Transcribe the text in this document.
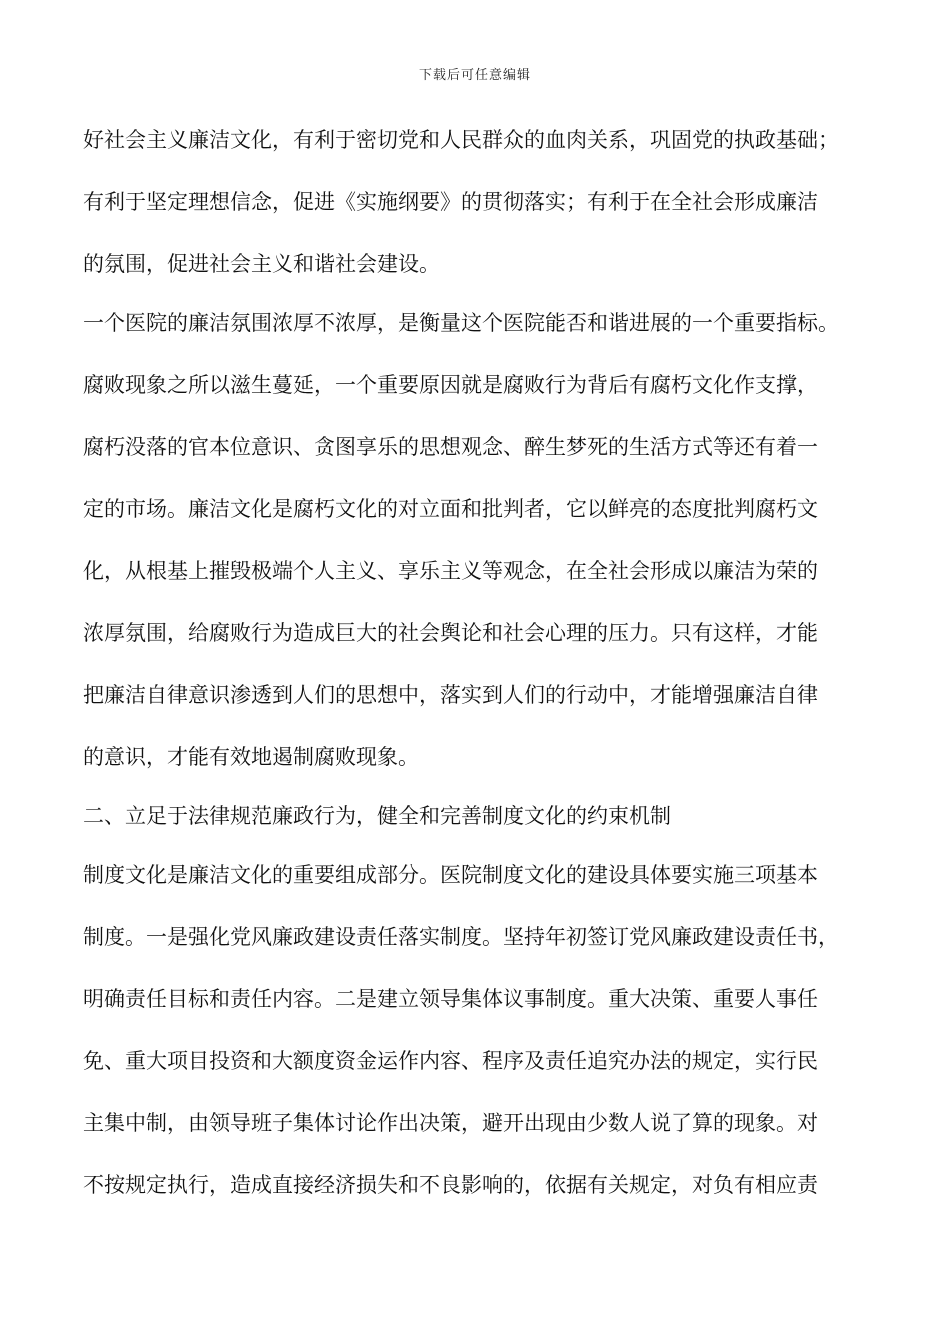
下载后可任意编辑
好社会主义廉洁文化，有利于密切党和人民群众的血肉关系，巩固党的执政基础；
有利于坚定理想信念，促进《实施纲要》的贯彻落实；有利于在全社会形成廉洁
的氛围，促进社会主义和谐社会建设。
一个医院的廉洁氛围浓厚不浓厚，是衡量这个医院能否和谐进展的一个重要指标。
腐败现象之所以滋生蔓延，一个重要原因就是腐败行为背后有腐朽文化作支撑，
腐朽没落的官本位意识、贪图享乐的思想观念、醉生梦死的生活方式等还有着一
定的市场。廉洁文化是腐朽文化的对立面和批判者，它以鲜亮的态度批判腐朽文
化，从根基上摧毁极端个人主义、享乐主义等观念，在全社会形成以廉洁为荣的
浓厚氛围，给腐败行为造成巨大的社会舆论和社会心理的压力。只有这样，才能
把廉洁自律意识渗透到人们的思想中，落实到人们的行动中，才能增强廉洁自律
的意识，才能有效地遏制腐败现象。
二、立足于法律规范廉政行为，健全和完善制度文化的约束机制
制度文化是廉洁文化的重要组成部分。医院制度文化的建设具体要实施三项基本
制度。一是强化党风廉政建设责任落实制度。坚持年初签订党风廉政建设责任书，
明确责任目标和责任内容。二是建立领导集体议事制度。重大决策、重要人事任
免、重大项目投资和大额度资金运作内容、程序及责任追究办法的规定，实行民
主集中制，由领导班子集体讨论作出决策，避开出现由少数人说了算的现象。对
不按规定执行，造成直接经济损失和不良影响的，依据有关规定，对负有相应责
